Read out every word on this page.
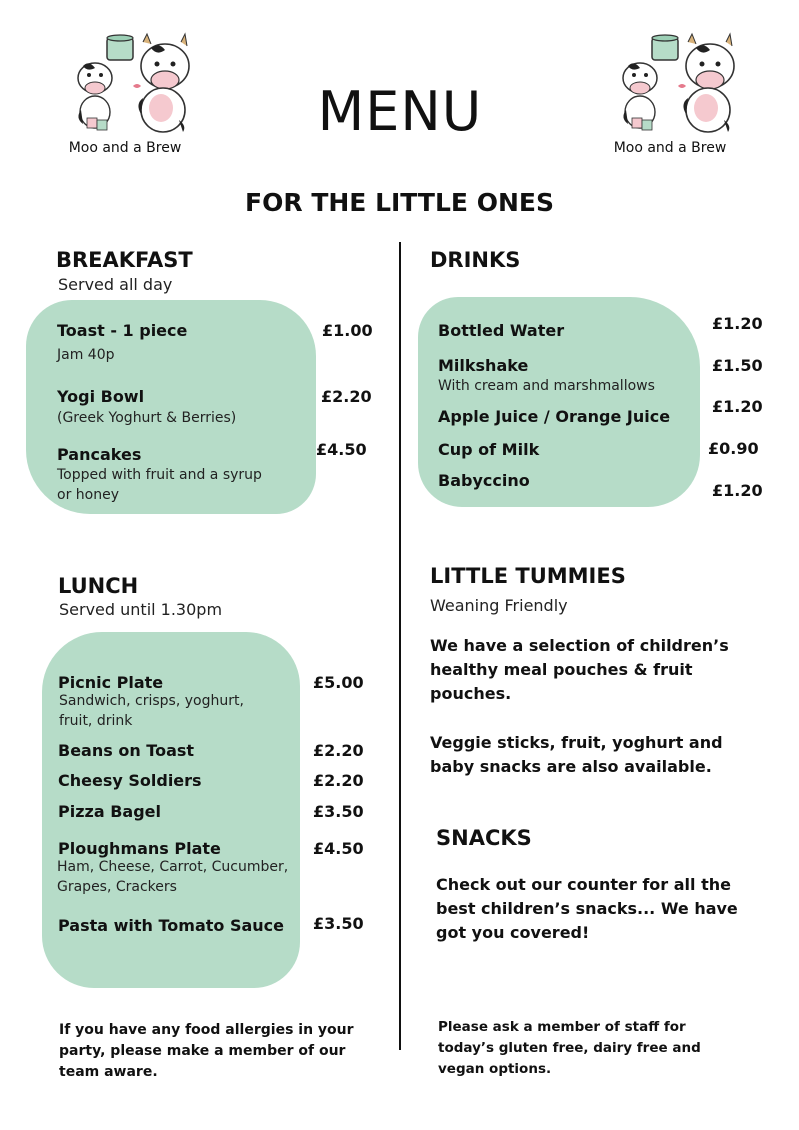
Moo and a Brew	Moo and a Brew
MENU
FOR THE LITTLE ONES
BREAKFAST
Served all day
Toast - 1 piece
Jam 40p
£1.00
Yogi Bowl
(Greek Yoghurt & Berries)
£2.20
Pancakes
Topped with fruit and a syrup
or honey
£4.50
DRINKS
Bottled Water	£1.20
Milkshake
With cream and marshmallows
£1.50
Apple Juice / Orange Juice
£1.20
Cup of Milk	£0.90
Babyccino
£1.20
LUNCH
Served until 1.30pm
Picnic Plate
Sandwich, crisps, yoghurt,
fruit, drink
£5.00
Beans on Toast	£2.20
Cheesy Soldiers	£2.20
Pizza Bagel	£3.50
Ploughmans Plate
Ham, Cheese, Carrot, Cucumber,
Grapes, Crackers
£4.50
Pasta with Tomato Sauce £3.50
LITTLE TUMMIES
Weaning Friendly
We have a selection of children’s
healthy meal pouches & fruit
pouches.
Veggie sticks, fruit, yoghurt and
baby snacks are also available.
SNACKS
Check out our counter for all the
best children’s snacks... We have
got you covered!
If you have any food allergies in your
party, please make a member of our
team aware.
Please ask a member of staff for
today’s gluten free, dairy free and
vegan options.
